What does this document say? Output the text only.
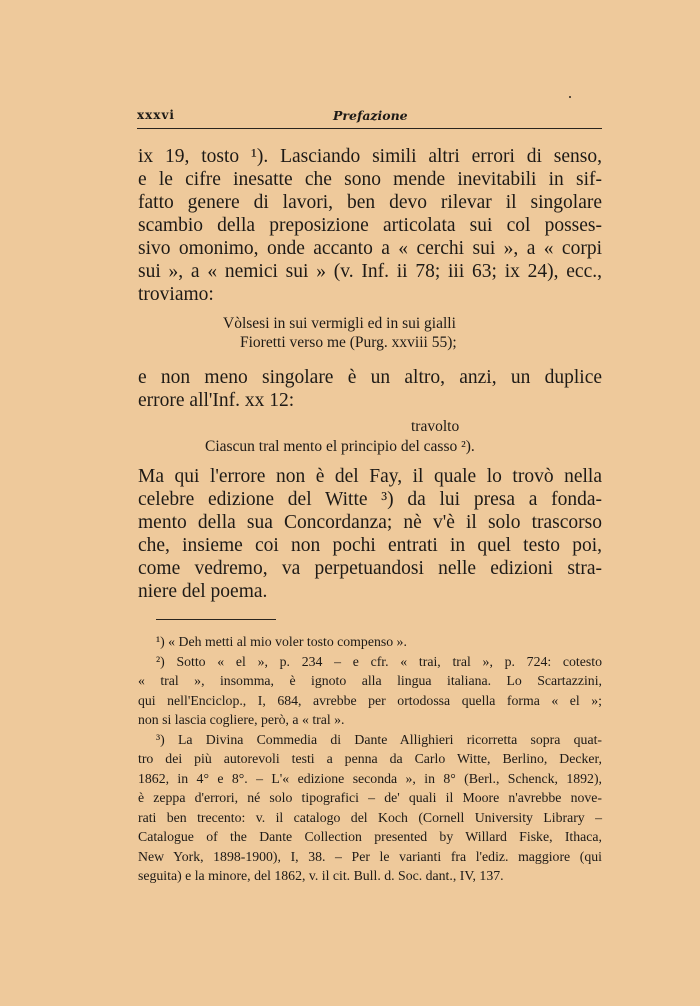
xxxvi	Prefazione
ix 19, tosto ¹). Lasciando simili altri errori di senso,
e le cifre inesatte che sono mende inevitabili in sif-
fatto genere di lavori, ben devo rilevar il singolare
scambio della preposizione articolata sui col posses-
sivo omonimo, onde accanto a « cerchi sui », a « corpi
sui », a « nemici sui » (v. Inf. ii 78; iii 63; ix 24), ecc.,
troviamo:
Vòlsesi in sui vermigli ed in sui gialli
Fioretti verso me (Purg. xxviii 55);
e non meno singolare è un altro, anzi, un duplice
errore all'Inf. xx 12:
travolto
Ciascun tral mento el principio del casso ²).
Ma qui l'errore non è del Fay, il quale lo trovò nella
celebre edizione del Witte ³) da lui presa a fonda-
mento della sua Concordanza; nè v'è il solo trascorso
che, insieme coi non pochi entrati in quel testo poi,
come vedremo, va perpetuandosi nelle edizioni stra-
niere del poema.
¹) « Deh metti al mio voler tosto compenso ».
²) Sotto « el », p. 234 – e cfr. « trai, tral », p. 724: cotesto
« tral », insomma, è ignoto alla lingua italiana. Lo Scartazzini,
qui nell'Enciclop., I, 684, avrebbe per ortodossa quella forma « el »;
non si lascia cogliere, però, a « tral ».
³) La Divina Commedia di Dante Allighieri ricorretta sopra quat-
tro dei più autorevoli testi a penna da Carlo Witte, Berlino, Decker,
1862, in 4° e 8°. – L'« edizione seconda », in 8° (Berl., Schenck, 1892),
è zeppa d'errori, né solo tipografici – de' quali il Moore n'avrebbe nove-
rati ben trecento: v. il catalogo del Koch (Cornell University Library –
Catalogue of the Dante Collection presented by Willard Fiske, Ithaca,
New York, 1898-1900), I, 38. – Per le varianti fra l'ediz. maggiore (qui
seguita) e la minore, del 1862, v. il cit. Bull. d. Soc. dant., IV, 137.
